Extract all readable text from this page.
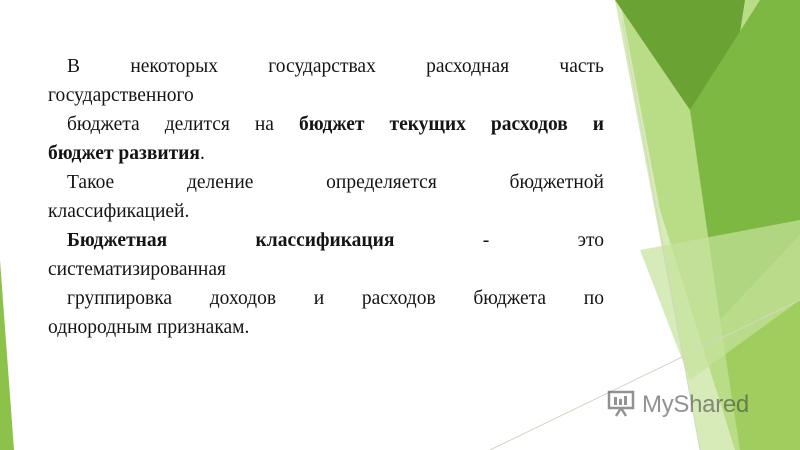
В	некоторых	государствах	расходная	часть
государственного
бюджета делится на бюджет текущих расходов и
бюджет развития .
Такое	деление	определяется	бюджетной
классификацией.
Бюджетная	классификация	-	это
систематизированная
группировка доходов и расходов бюджета по
однородным признакам.
MyShared
